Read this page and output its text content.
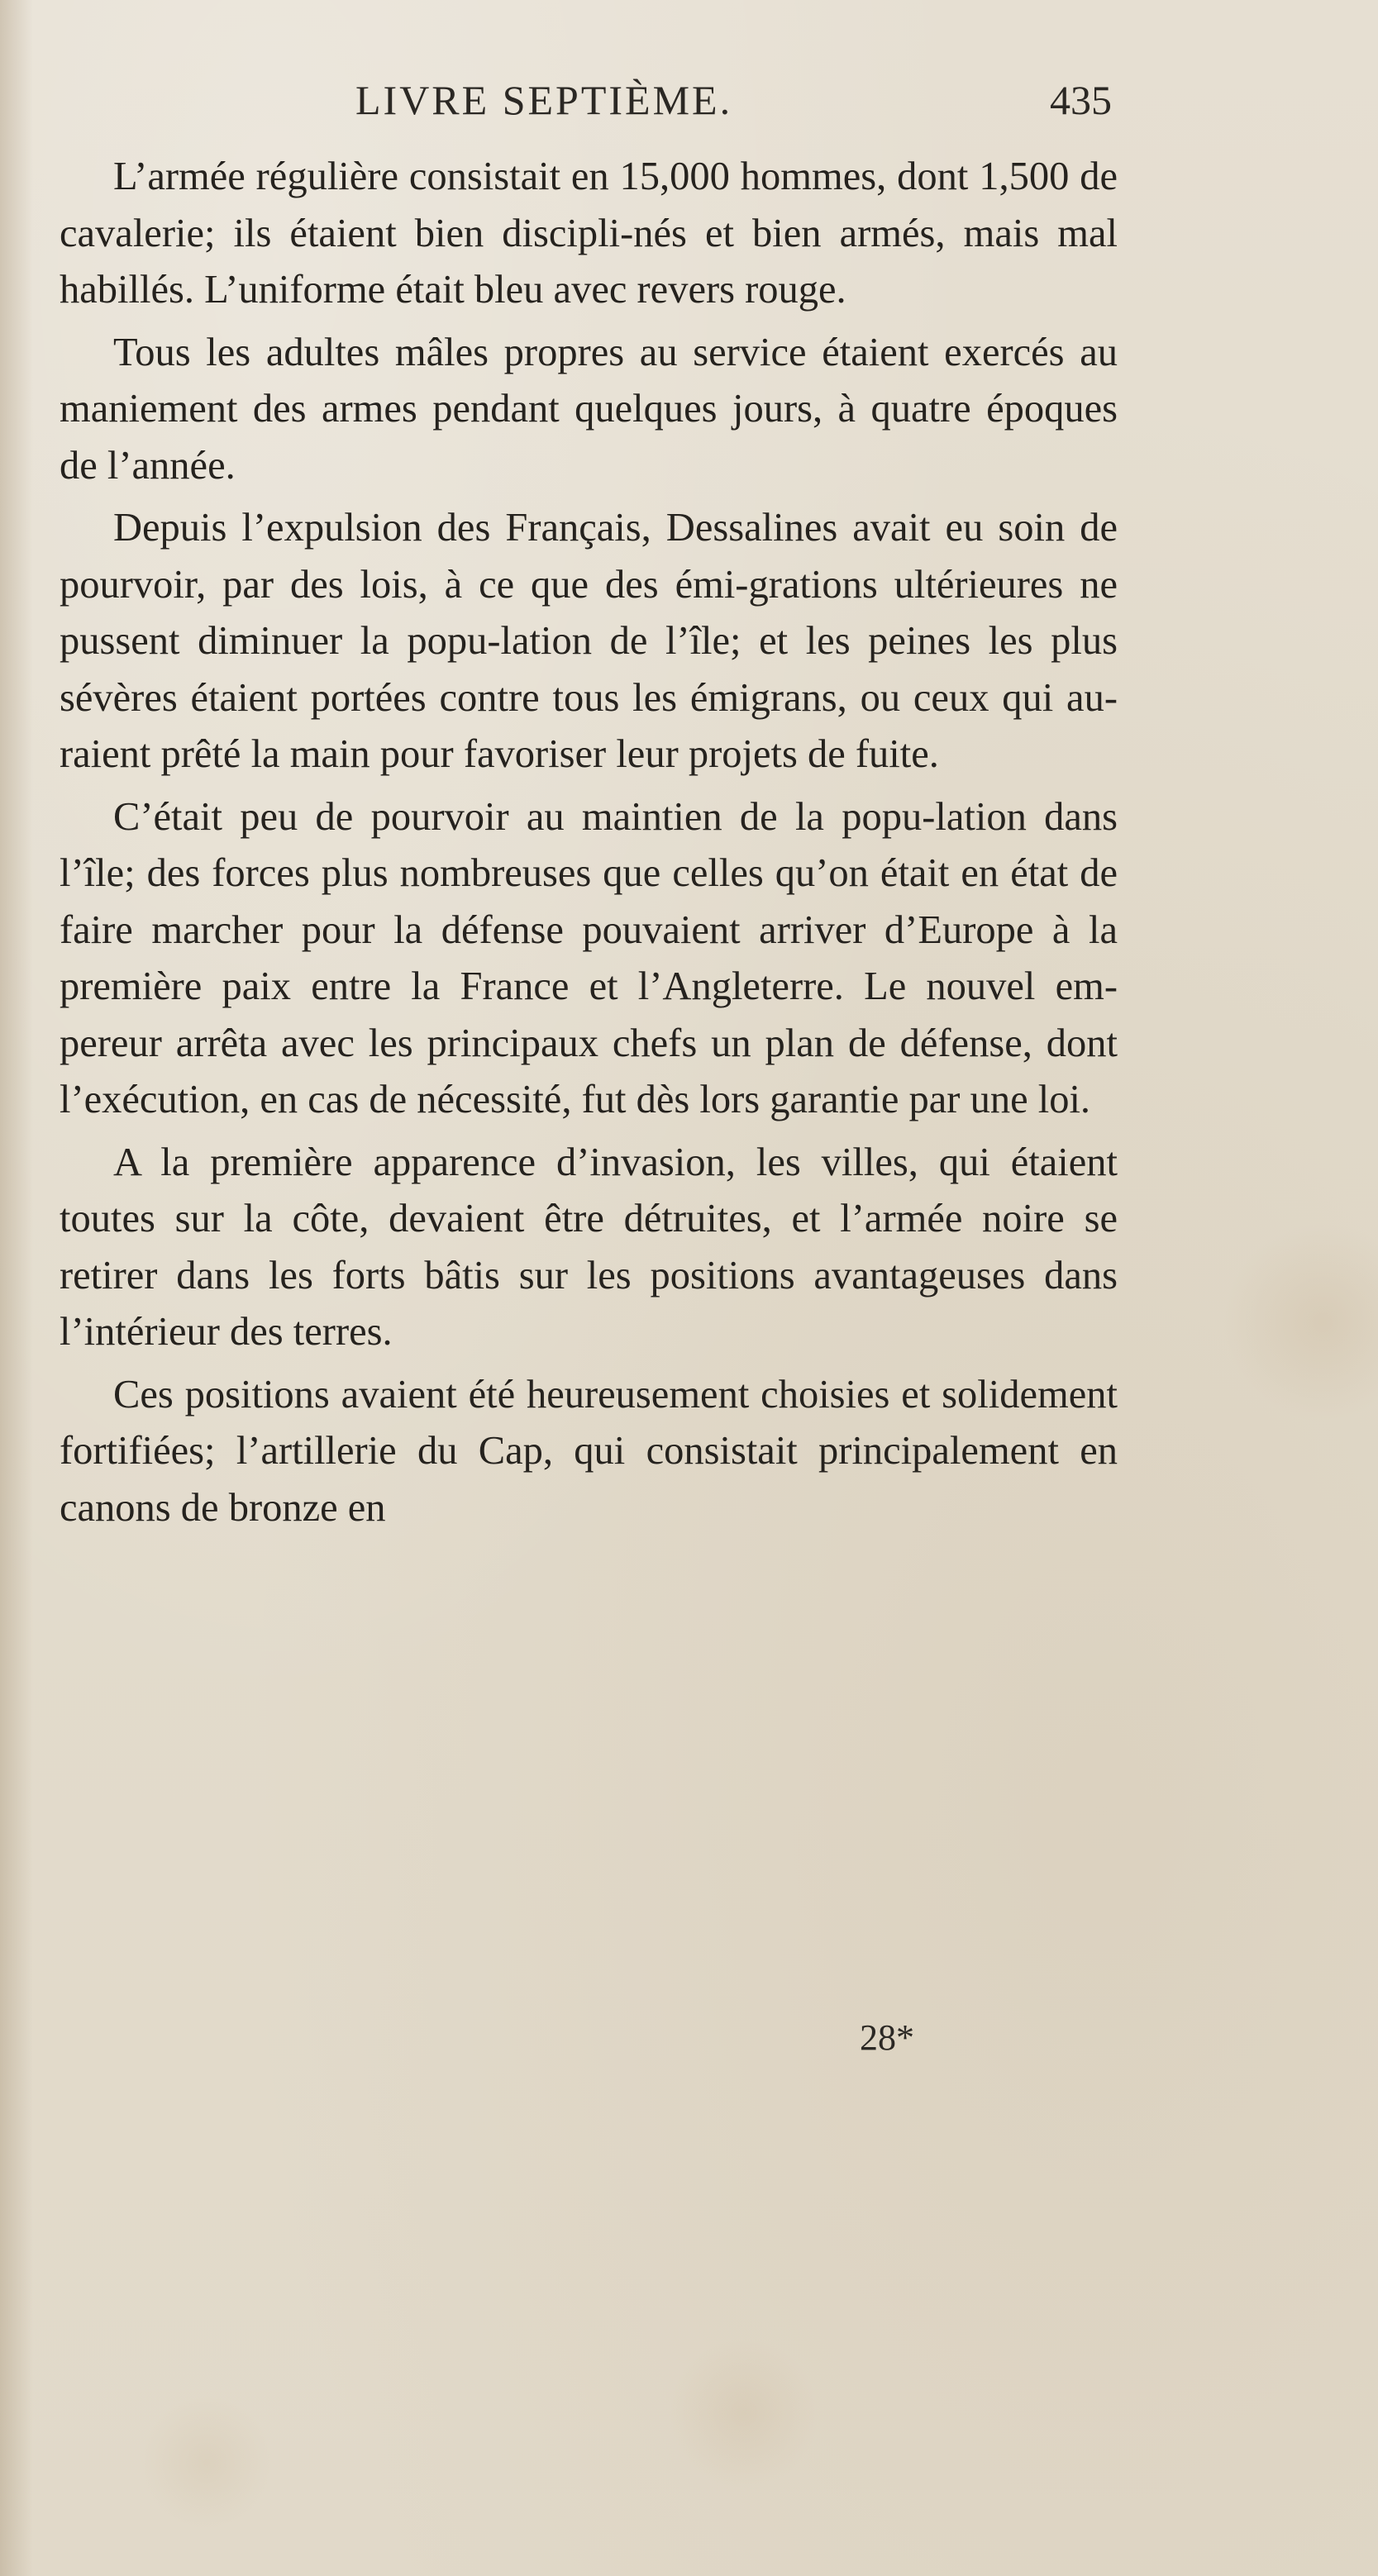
LIVRE SEPTIÈME.	435

L’armée régulière consistait en 15,000 hommes, dont 1,500 de cavalerie; ils étaient bien discipli-nés et bien armés, mais mal habillés. L’uniforme était bleu avec revers rouge.

Tous les adultes mâles propres au service étaient exercés au maniement des armes pendant quelques jours, à quatre époques de l’année.

Depuis l’expulsion des Français, Dessalines avait eu soin de pourvoir, par des lois, à ce que des émi-grations ultérieures ne pussent diminuer la popu-lation de l’île; et les peines les plus sévères étaient portées contre tous les émigrans, ou ceux qui au-raient prêté la main pour favoriser leur projets de fuite.

C’était peu de pourvoir au maintien de la popu-lation dans l’île; des forces plus nombreuses que celles qu’on était en état de faire marcher pour la défense pouvaient arriver d’Europe à la première paix entre la France et l’Angleterre. Le nouvel em-pereur arrêta avec les principaux chefs un plan de défense, dont l’exécution, en cas de nécessité, fut dès lors garantie par une loi.

A la première apparence d’invasion, les villes, qui étaient toutes sur la côte, devaient être détruites, et l’armée noire se retirer dans les forts bâtis sur les positions avantageuses dans l’intérieur des terres.

Ces positions avaient été heureusement choisies et solidement fortifiées; l’artillerie du Cap, qui consistait principalement en canons de bronze en

28*
